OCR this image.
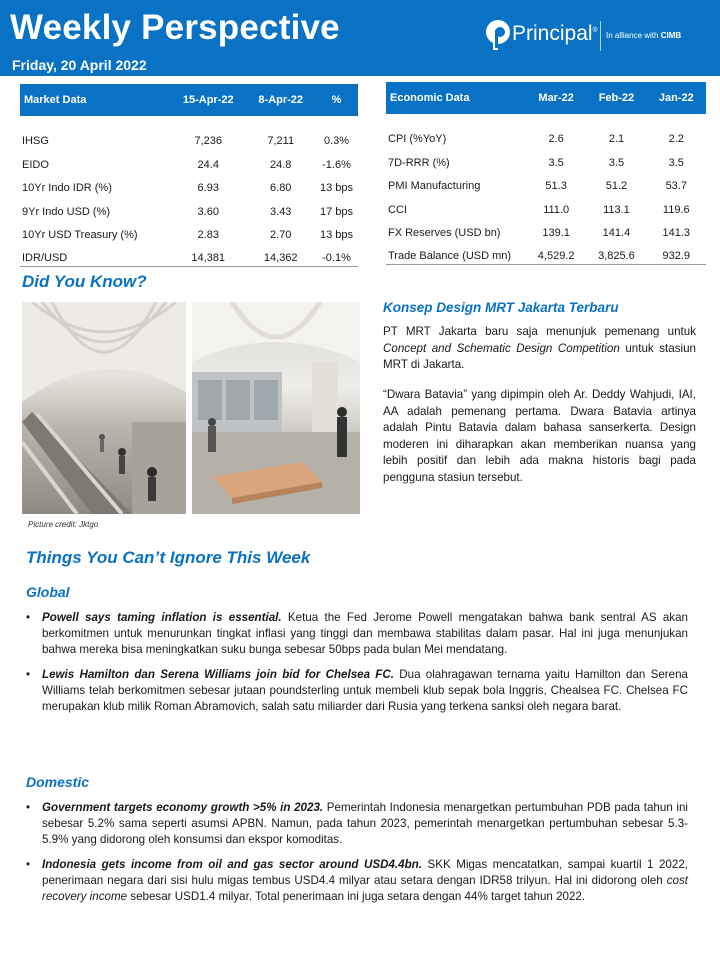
Weekly Perspective
Friday, 20 April 2022
Principal®
In alliance with CIMB
Market Data	15-Apr-22	8-Apr-22	%
IHSG	7,236	7,211	0.3%
EIDO	24.4	24.8	-1.6%
10Yr Indo IDR (%)	6.93	6.80	13 bps
9Yr Indo USD (%)	3.60	3.43	17 bps
10Yr USD Treasury (%)	2.83	2.70	13 bps
IDR/USD	14,381	14,362	-0.1%
Economic Data	Mar-22	Feb-22	Jan-22
CPI (%YoY)	2.6	2.1	2.2
7D-RRR (%)	3.5	3.5	3.5
PMI Manufacturing	51.3	51.2	53.7
CCI	111.0	113.1	119.6
FX Reserves (USD bn)	139.1	141.4	141.3
Trade Balance (USD mn)	4,529.2	3,825.6	932.9
Did You Know?
Picture credit: Jktgo
Konsep Design MRT Jakarta Terbaru

PT MRT Jakarta baru saja menunjuk pemenang untuk Concept and Schematic Design Competition untuk stasiun MRT di Jakarta.

“Dwara Batavia” yang dipimpin oleh Ar. Deddy Wahjudi, IAI, AA adalah pemenang pertama. Dwara Batavia artinya adalah Pintu Batavia dalam bahasa sanserkerta. Design moderen ini diharapkan akan memberikan nuansa yang lebih positif dan lebih ada makna historis bagi pada pengguna stasiun tersebut.

Things You Can’t Ignore This Week
Global
• Powell says taming inflation is essential. Ketua the Fed Jerome Powell mengatakan bahwa bank sentral AS akan berkomitmen untuk menurunkan tingkat inflasi yang tinggi dan membawa stabilitas dalam pasar. Hal ini juga menunjukan bahwa mereka bisa meningkatkan suku bunga sebesar 50bps pada bulan Mei mendatang.
• Lewis Hamilton dan Serena Williams join bid for Chelsea FC. Dua olahragawan ternama yaitu Hamilton dan Serena Williams telah berkomitmen sebesar jutaan poundsterling untuk membeli klub sepak bola Inggris, Chealsea FC. Chelsea FC merupakan klub milik Roman Abramovich, salah satu miliarder dari Rusia yang terkena sanksi oleh negara barat.
Domestic
• Government targets economy growth >5% in 2023. Pemerintah Indonesia menargetkan pertumbuhan PDB pada tahun ini sebesar 5.2% sama seperti asumsi APBN. Namun, pada tahun 2023, pemerintah menargetkan pertumbuhan sebesar 5.3-5.9% yang didorong oleh konsumsi dan ekspor komoditas.
• Indonesia gets income from oil and gas sector around USD4.4bn. SKK Migas mencatatkan, sampai kuartil 1 2022, penerimaan negara dari sisi hulu migas tembus USD4.4 milyar atau setara dengan IDR58 trilyun. Hal ini didorong oleh cost recovery income sebesar USD1.4 milyar. Total penerimaan ini juga setara dengan 44% target tahun 2022.
